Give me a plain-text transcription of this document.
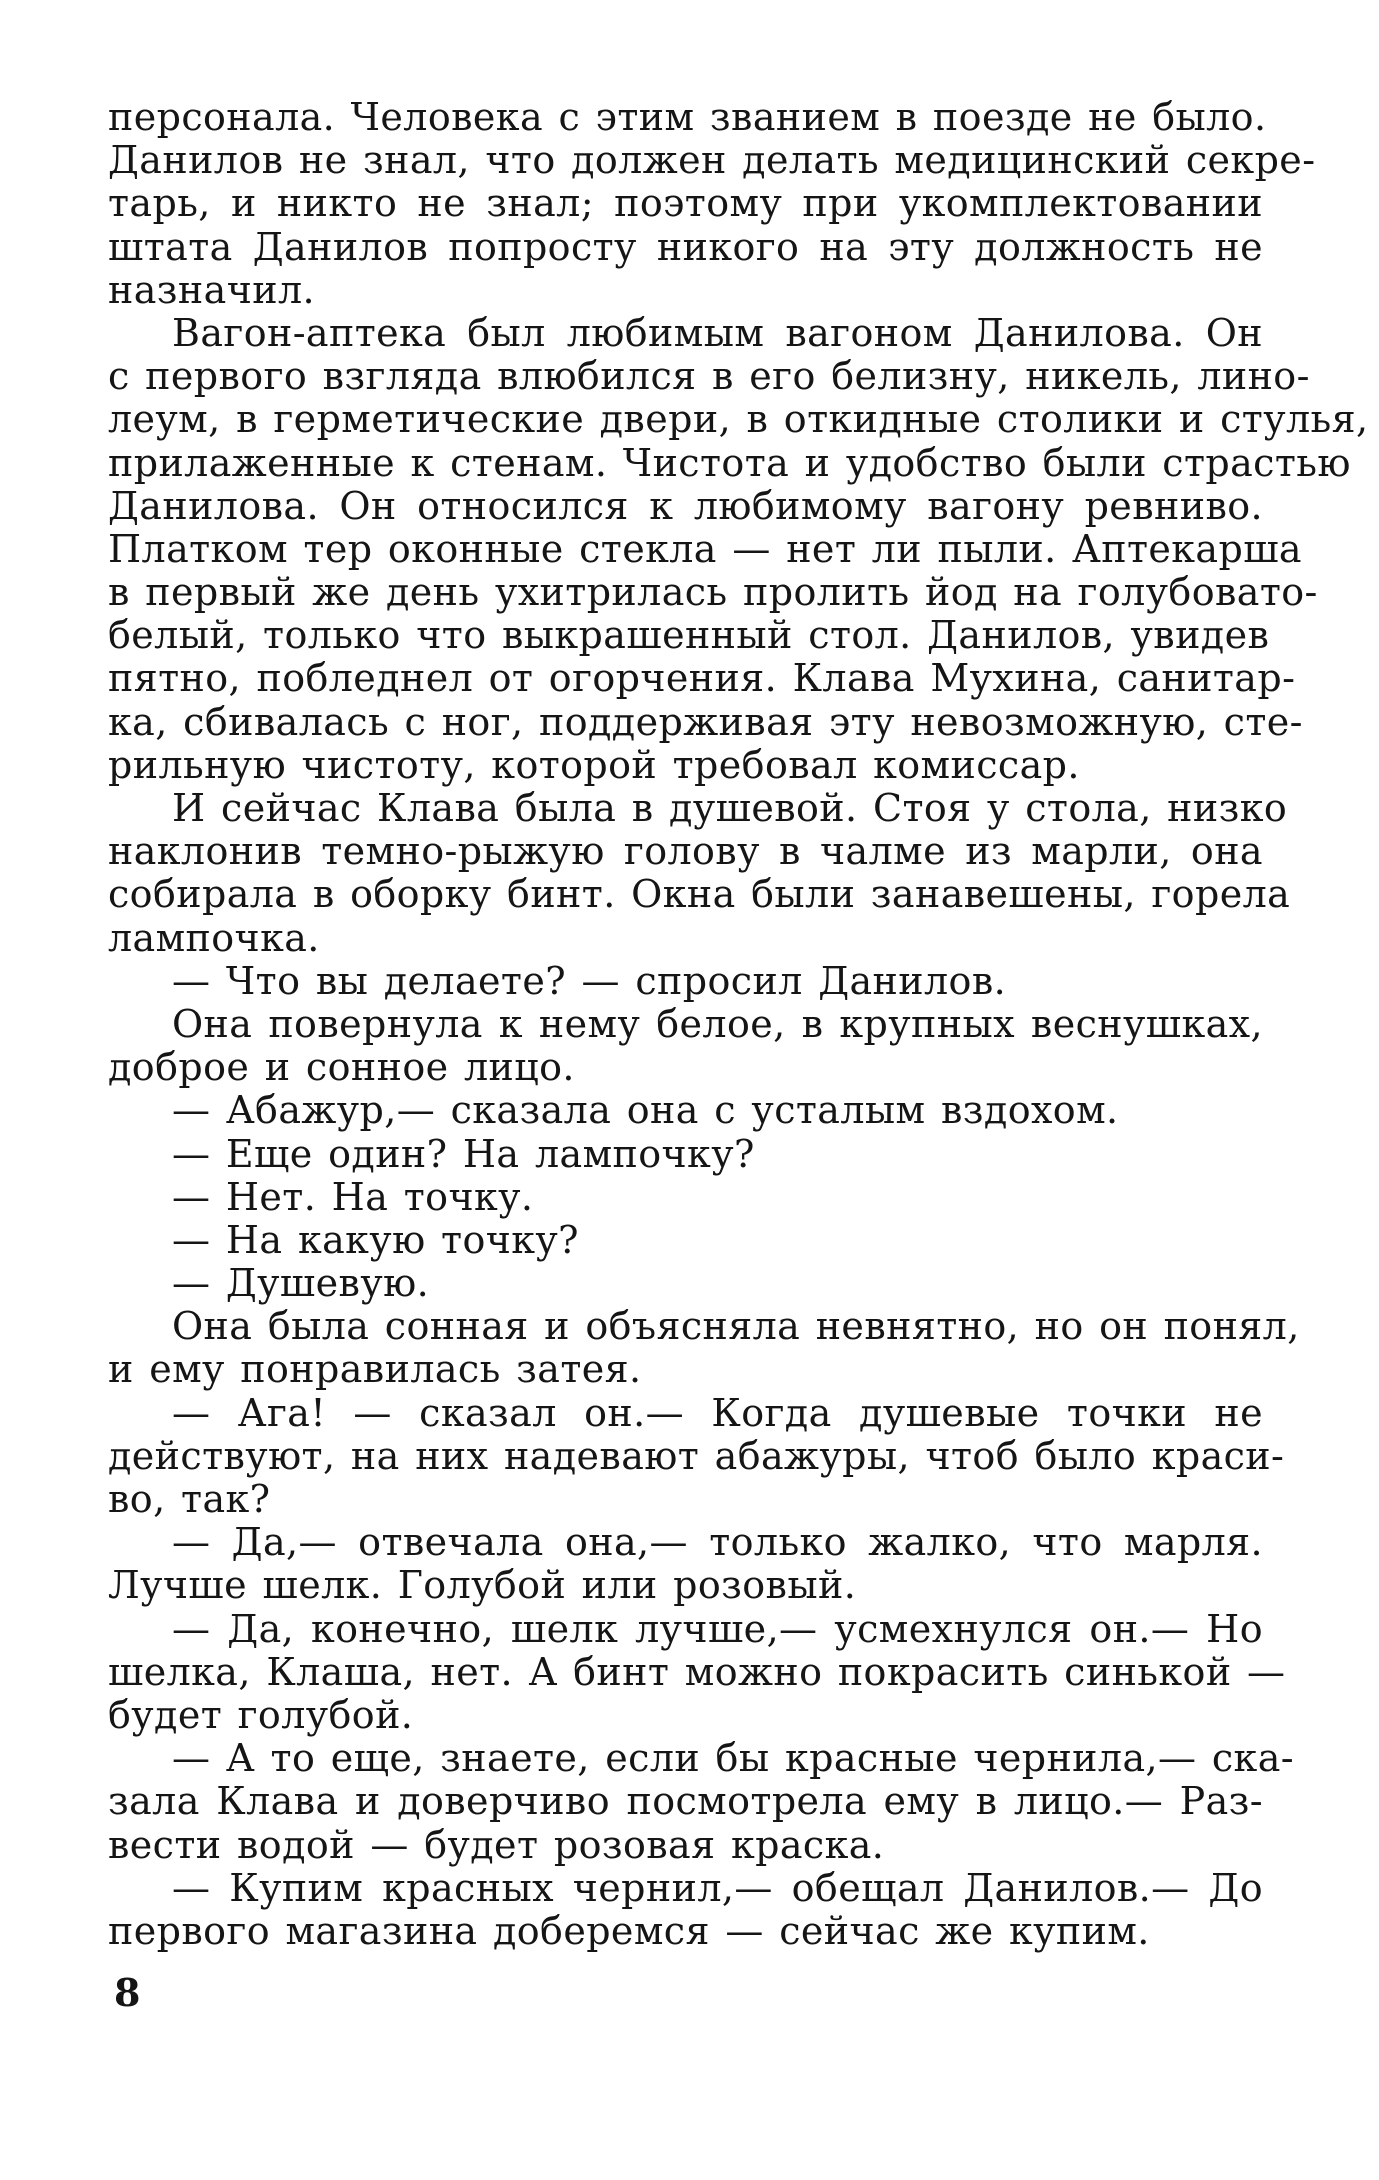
персонала. Человека с этим званием в поезде не было.
Данилов не знал, что должен делать медицинский секре-
тарь, и никто не знал; поэтому при укомплектовании
штата Данилов попросту никого на эту должность не
назначил.
Вагон-аптека был любимым вагоном Данилова. Он
с первого взгляда влюбился в его белизну, никель, лино-
леум, в герметические двери, в откидные столики и стулья,
прилаженные к стенам. Чистота и удобство были страстью
Данилова. Он относился к любимому вагону ревниво.
Платком тер оконные стекла — нет ли пыли. Аптекарша
в первый же день ухитрилась пролить йод на голубовато-
белый, только что выкрашенный стол. Данилов, увидев
пятно, побледнел от огорчения. Клава Мухина, санитар-
ка, сбивалась с ног, поддерживая эту невозможную, сте-
рильную чистоту, которой требовал комиссар.
И сейчас Клава была в душевой. Стоя у стола, низко
наклонив темно-рыжую голову в чалме из марли, она
собирала в оборку бинт. Окна были занавешены, горела
лампочка.
— Что вы делаете? — спросил Данилов.
Она повернула к нему белое, в крупных веснушках,
доброе и сонное лицо.
— Абажур,— сказала она с усталым вздохом.
— Еще один? На лампочку?
— Нет. На точку.
— На какую точку?
— Душевую.
Она была сонная и объясняла невнятно, но он понял,
и ему понравилась затея.
— Ага! — сказал он.— Когда душевые точки не
действуют, на них надевают абажуры, чтоб было краси-
во, так?
— Да,— отвечала она,— только жалко, что марля.
Лучше шелк. Голубой или розовый.
— Да, конечно, шелк лучше,— усмехнулся он.— Но
шелка, Клаша, нет. А бинт можно покрасить синькой —
будет голубой.
— А то еще, знаете, если бы красные чернила,— ска-
зала Клава и доверчиво посмотрела ему в лицо.— Раз-
вести водой — будет розовая краска.
— Купим красных чернил,— обещал Данилов.— До
первого магазина доберемся — сейчас же купим.
8
